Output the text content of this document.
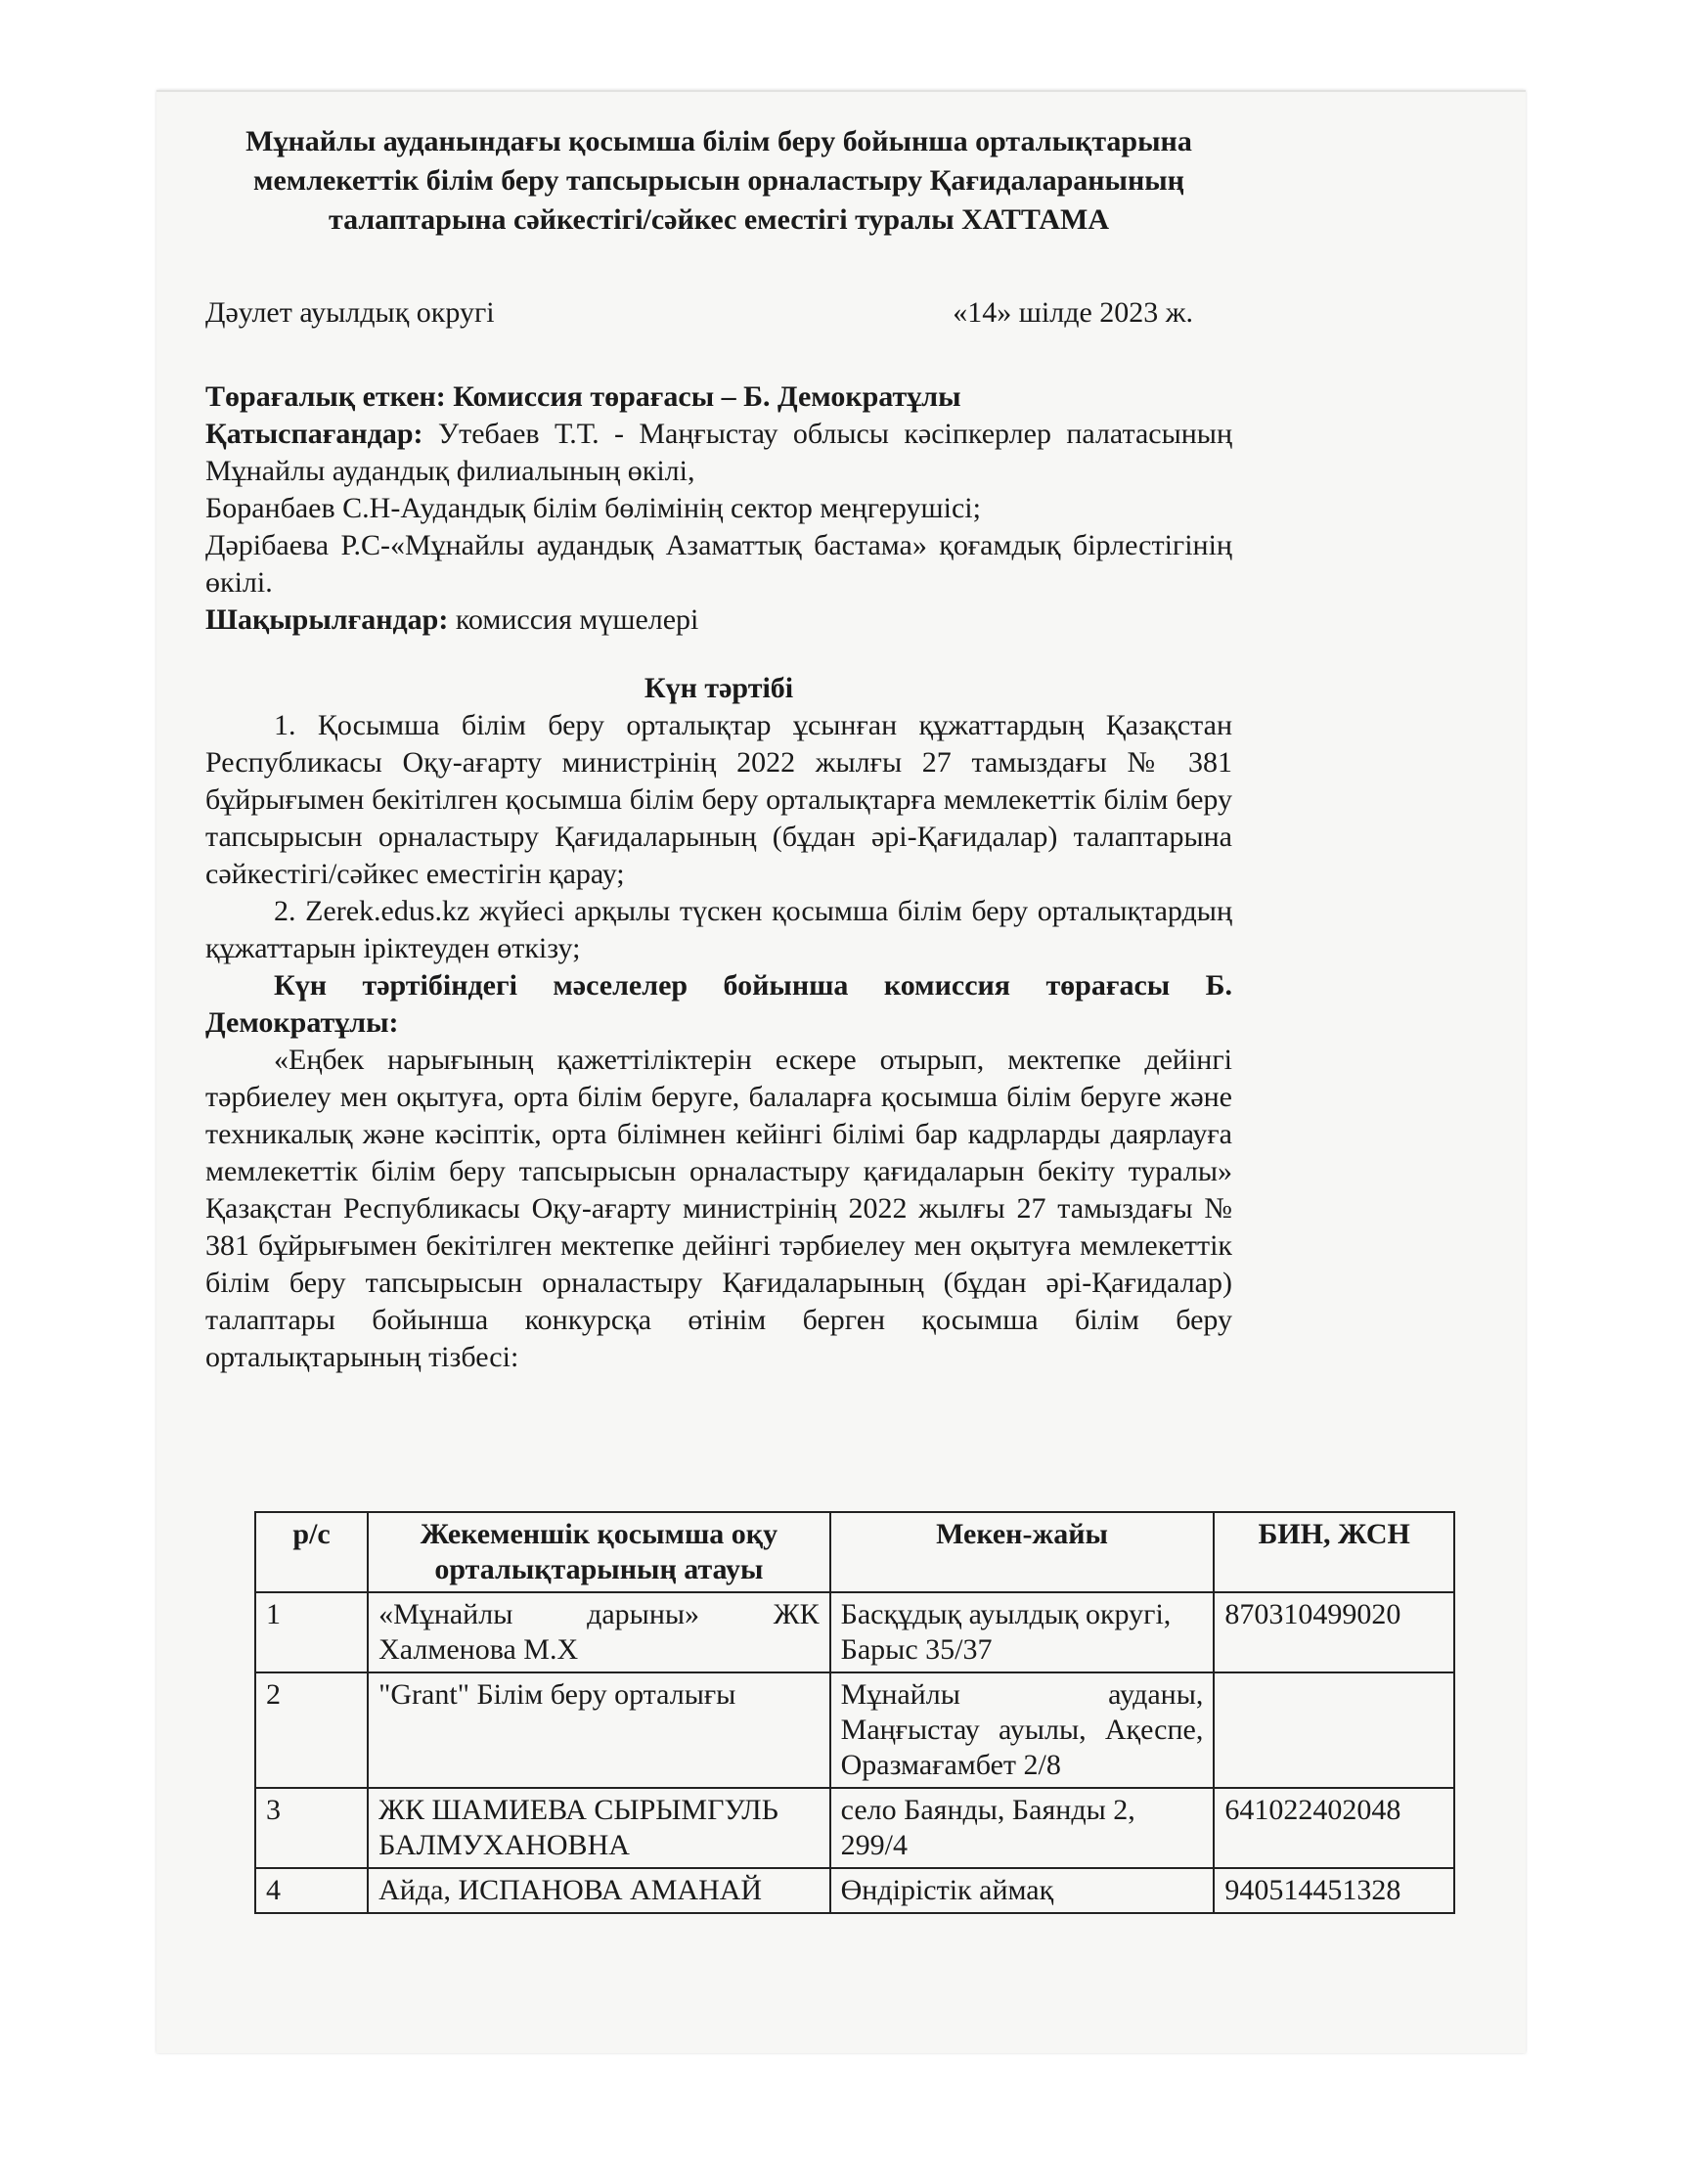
Мұнайлы ауданындағы қосымша білім беру бойынша орталықтарына
мемлекеттік білім беру тапсырысын орналастыру Қағидаларанының
талаптарына сәйкестігі/сәйкес еместігі туралы ХАТТАМА
Дәулет ауылдық округі	«14» шілде 2023 ж.

Төрағалық еткен: Комиссия төрағасы – Б. Демократұлы

Қатыспағандар: Утебаев Т.Т. - Маңғыстау облысы кәсіпкерлер палатасының Мұнайлы аудандық филиалының өкілі,

Боранбаев С.Н-Аудандық білім бөлімінің сектор меңгерушісі;

Дәрібаева Р.С-«Мұнайлы аудандық Азаматтық бастама» қоғамдық бірлестігінің өкілі.

Шақырылғандар: комиссия мүшелері

Күн тәртібі

1. Қосымша білім беру орталықтар ұсынған құжаттардың Қазақстан Республикасы Оқу-ағарту министрінің 2022 жылғы 27 тамыздағы № 381 бұйрығымен бекітілген қосымша білім беру орталықтарға мемлекеттік білім беру тапсырысын орналастыру Қағидаларының (бұдан әрі-Қағидалар) талаптарына сәйкестігі/сәйкес еместігін қарау;

2. Zerek.edus.kz жүйесі арқылы түскен қосымша білім беру орталықтардың құжаттарын іріктеуден өткізу;

Күн тәртібіндегі мәселелер бойынша комиссия төрағасы Б. Демократұлы:

«Еңбек нарығының қажеттіліктерін ескере отырып, мектепке дейінгі тәрбиелеу мен оқытуға, орта білім беруге, балаларға қосымша білім беруге және техникалық және кәсіптік, орта білімнен кейінгі білімі бар кадрларды даярлауға мемлекеттік білім беру тапсырысын орналастыру қағидаларын бекіту туралы» Қазақстан Республикасы Оқу-ағарту министрінің 2022 жылғы 27 тамыздағы № 381 бұйрығымен бекітілген мектепке дейінгі тәрбиелеу мен оқытуға мемлекеттік білім беру тапсырысын орналастыру Қағидаларының (бұдан әрі-Қағидалар) талаптары бойынша конкурсқа өтінім берген қосымша білім беру орталықтарының тізбесі:

р/с	Жекеменшік қосымша оқу орталықтарының атауы	Мекен-жайы	БИН, ЖСН
1	«Мұнайлы дарыны» ЖК Халменова М.Х	Басқұдық ауылдық округі, Барыс 35/37	870310499020
2	"Grant" Білім беру орталығы	Мұнайлы ауданы, Маңғыстау ауылы, Ақеспе, Оразмағамбет 2/8	
3	ЖК ШАМИЕВА СЫРЫМГУЛЬ БАЛМУХАНОВНА	село Баянды, Баянды 2, 299/4	641022402048
4	Айда, ИСПАНОВА АМАНАЙ	Өндірістік аймақ	940514451328
